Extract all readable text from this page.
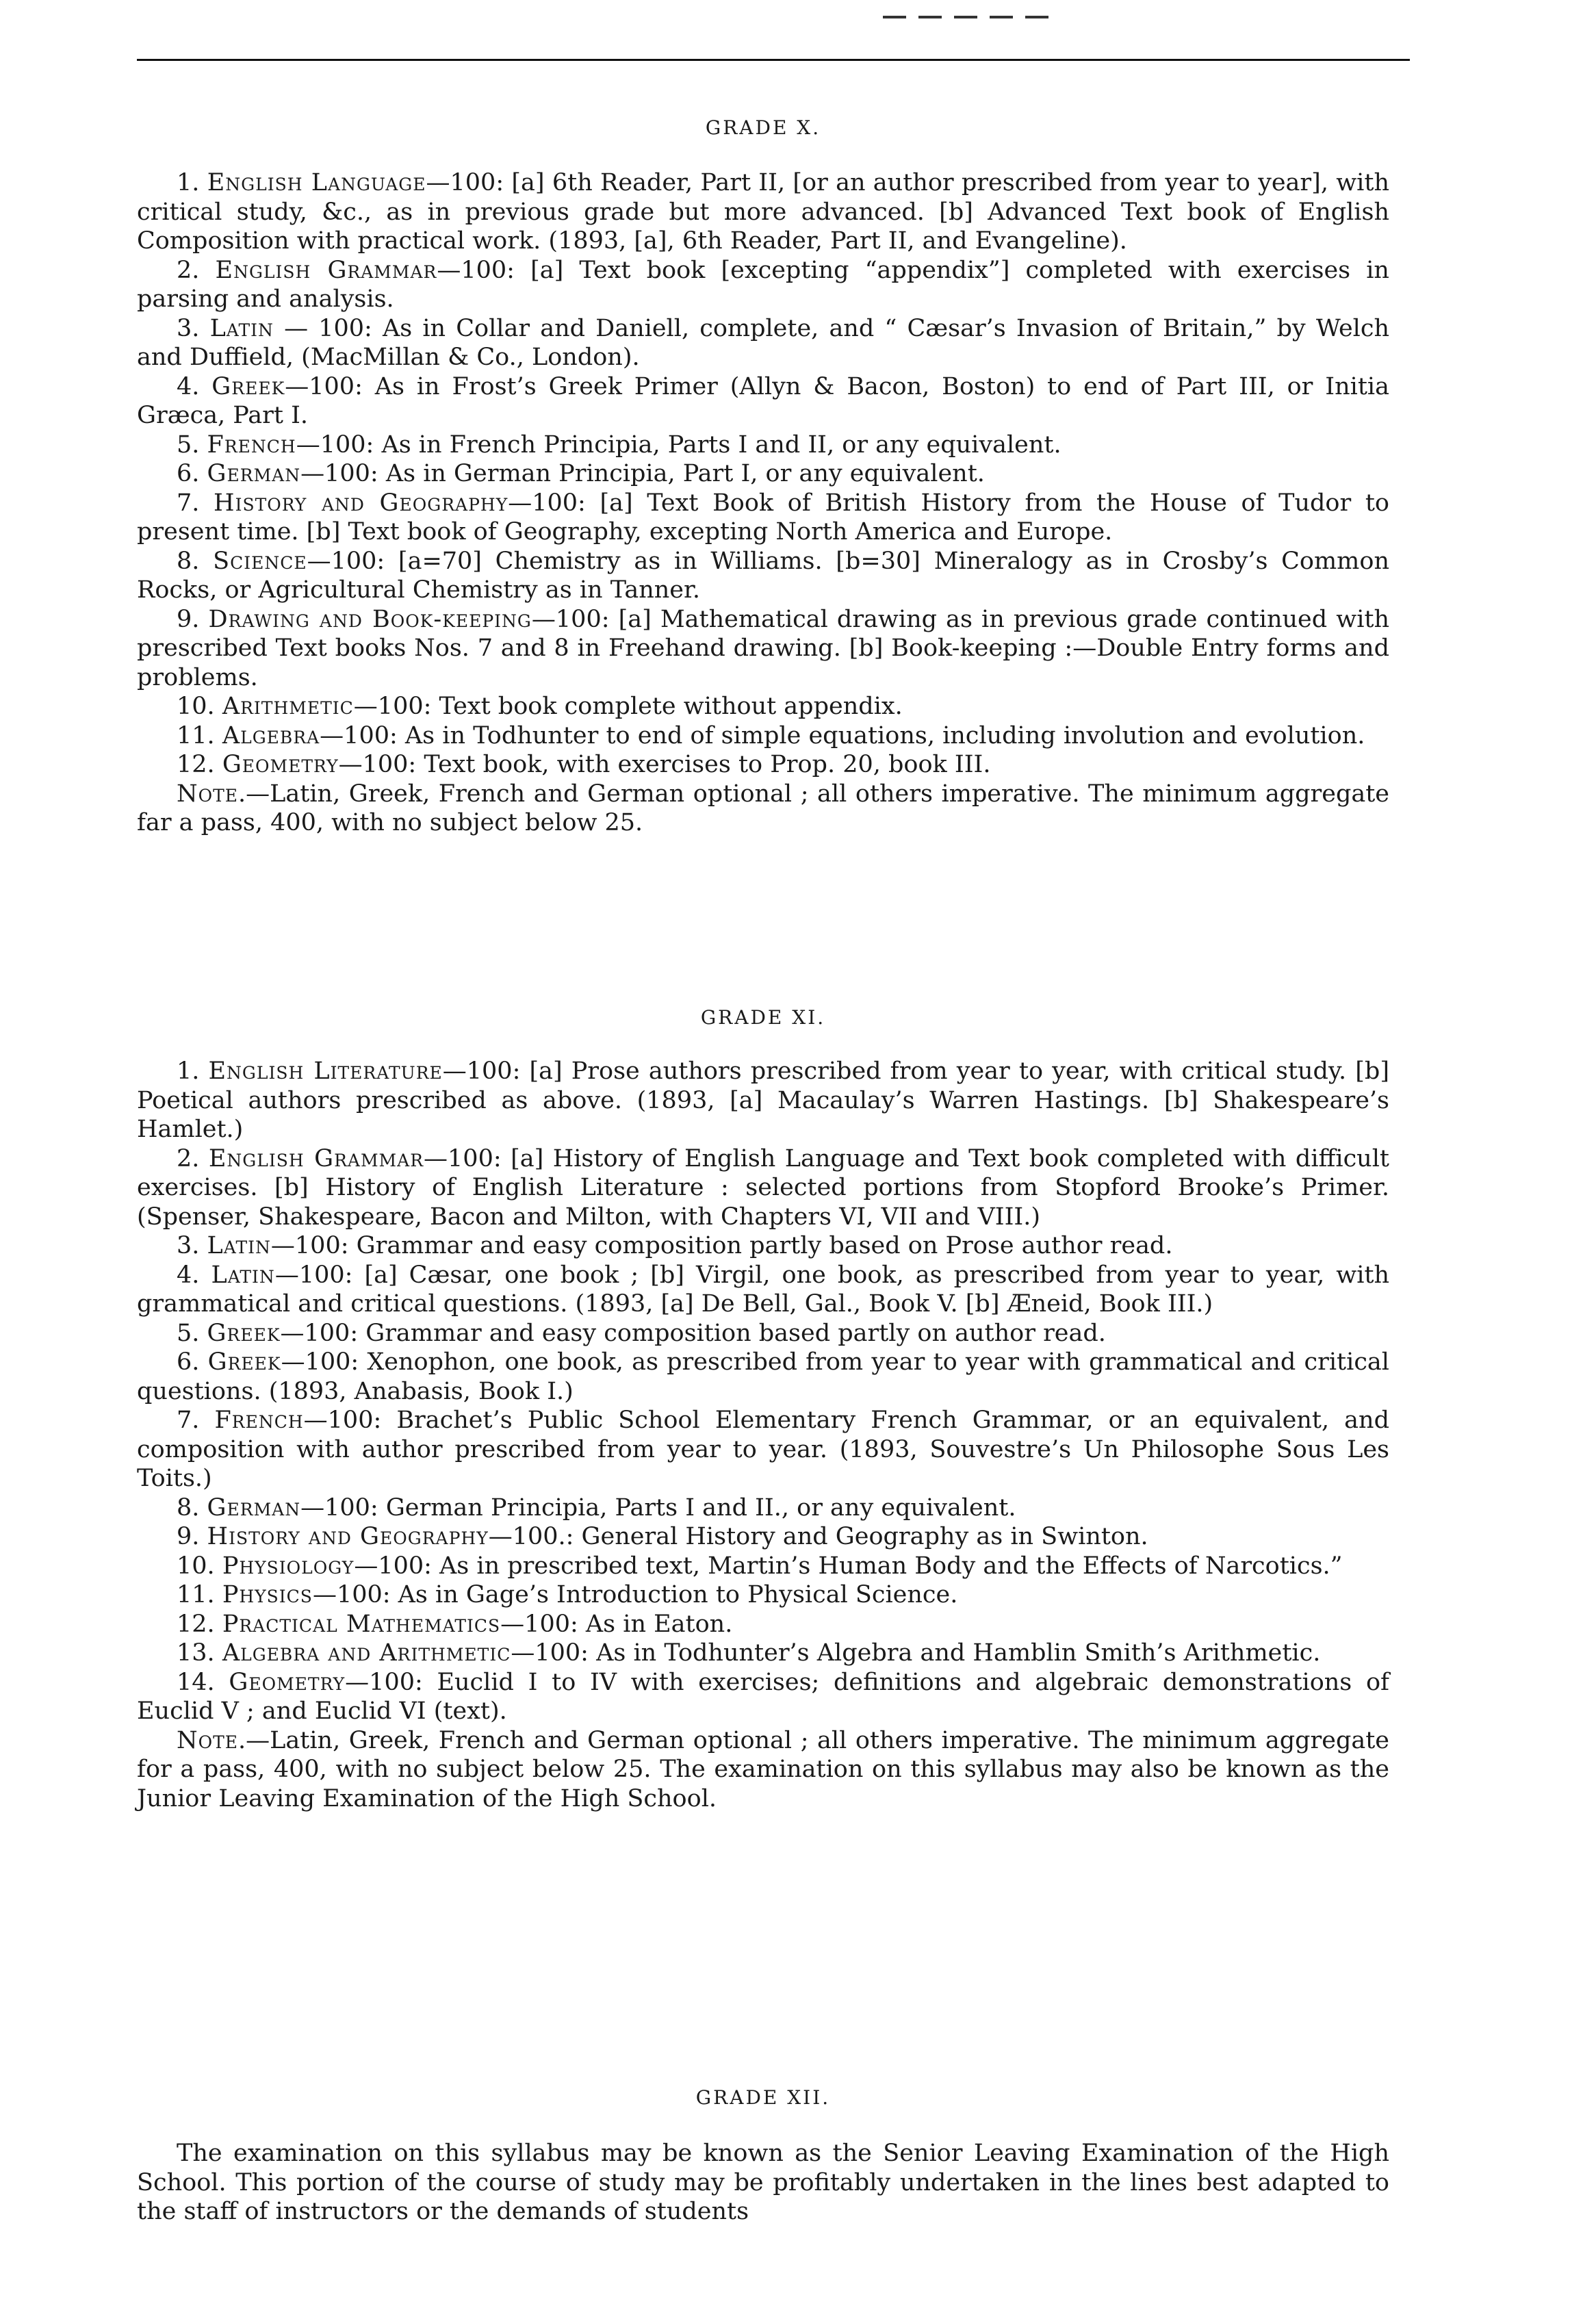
GRADE X.

1. English Language—100: [a] 6th Reader, Part II, [or an author prescribed from year to year], with critical study, &c., as in previous grade but more advanced. [b] Advanced Text book of English Composition with practical work. (1893, [a], 6th Reader, Part II, and Evangeline).

2. English Grammar—100: [a] Text book [excepting “appendix”] completed with exercises in parsing and analysis.

3. Latin — 100: As in Collar and Daniell, complete, and “ Cæsar’s Invasion of Britain,” by Welch and Duffield, (MacMillan & Co., London).

4. Greek—100: As in Frost’s Greek Primer (Allyn & Bacon, Boston) to end of Part III, or Initia Græca, Part I.

5. French—100: As in French Principia, Parts I and II, or any equivalent.

6. German—100: As in German Principia, Part I, or any equivalent.

7. History and Geography—100: [a] Text Book of British History from the House of Tudor to present time. [b] Text book of Geography, excepting North America and Europe.

8. Science—100: [a=70] Chemistry as in Williams. [b=30] Mineralogy as in Crosby’s Common Rocks, or Agricultural Chemistry as in Tanner.

9. Drawing and Book-keeping—100: [a] Mathematical drawing as in previous grade continued with prescribed Text books Nos. 7 and 8 in Freehand drawing. [b] Book-keeping :—Double Entry forms and problems.

10. Arithmetic—100: Text book complete without appendix.

11. Algebra—100: As in Todhunter to end of simple equations, including involution and evolution.

12. Geometry—100: Text book, with exercises to Prop. 20, book III.

Note.—Latin, Greek, French and German optional ; all others imperative. The minimum aggregate far a pass, 400, with no subject below 25.

GRADE XI.

1. English Literature—100: [a] Prose authors prescribed from year to year, with critical study. [b] Poetical authors prescribed as above. (1893, [a] Macaulay’s Warren Hastings. [b] Shakespeare’s Hamlet.)

2. English Grammar—100: [a] History of English Language and Text book completed with difficult exercises. [b] History of English Literature : selected portions from Stopford Brooke’s Primer. (Spenser, Shakespeare, Bacon and Milton, with Chapters VI, VII and VIII.)

3. Latin—100: Grammar and easy composition partly based on Prose author read.

4. Latin—100: [a] Cæsar, one book ; [b] Virgil, one book, as prescribed from year to year, with grammatical and critical questions. (1893, [a] De Bell, Gal., Book V. [b] Æneid, Book III.)

5. Greek—100: Grammar and easy composition based partly on author read.

6. Greek—100: Xenophon, one book, as prescribed from year to year with grammatical and critical questions. (1893, Anabasis, Book I.)

7. French—100: Brachet’s Public School Elementary French Grammar, or an equivalent, and composition with author prescribed from year to year. (1893, Souvestre’s Un Philosophe Sous Les Toits.)

8. German—100: German Principia, Parts I and II., or any equivalent.

9. History and Geography—100.: General History and Geography as in Swinton.

10. Physiology—100: As in prescribed text, Martin’s Human Body and the Effects of Narcotics.”

11. Physics—100: As in Gage’s Introduction to Physical Science.

12. Practical Mathematics—100: As in Eaton.

13. Algebra and Arithmetic—100: As in Todhunter’s Algebra and Hamblin Smith’s Arithmetic.

14. Geometry—100: Euclid I to IV with exercises; definitions and algebraic demonstrations of Euclid V ; and Euclid VI (text).

Note.—Latin, Greek, French and German optional ; all others imperative. The minimum aggregate for a pass, 400, with no subject below 25. The examination on this syllabus may also be known as the Junior Leaving Examination of the High School.

GRADE XII.

The examination on this syllabus may be known as the Senior Leaving Examination of the High School. This portion of the course of study may be profitably undertaken in the lines best adapted to the staff of instructors or the demands of students
